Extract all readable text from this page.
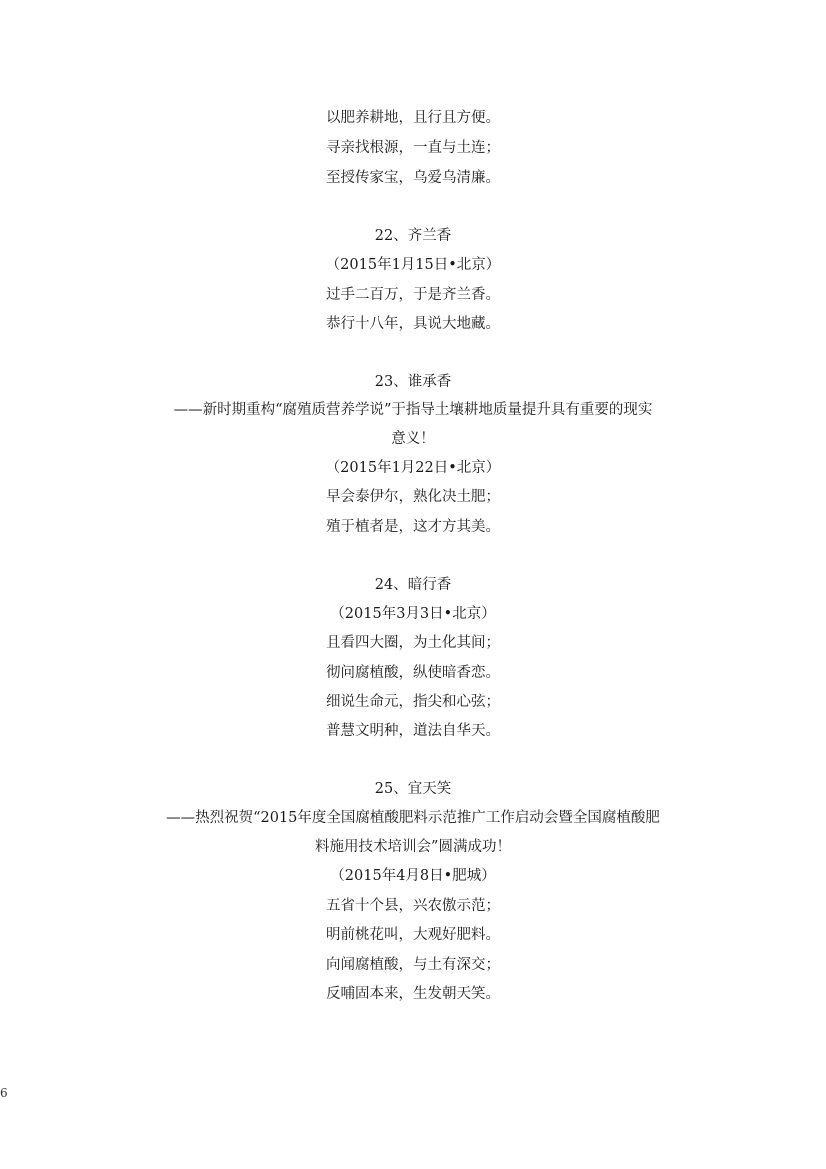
以肥养耕地，且行且方便。
寻亲找根源，一直与土连；
至授传家宝，乌爱乌清廉。
22、齐兰香
（2015年1月15日•北京）
过手二百万，于是齐兰香。
恭行十八年，具说大地藏。
23、谁承香
——新时期重构“腐殖质营养学说”于指导土壤耕地质量提升具有重要的现实
意义！
（2015年1月22日•北京）
早会泰伊尔，熟化决土肥；
殖于植者是，这才方其美。
24、暗行香
（2015年3月3日•北京）
且看四大圈，为土化其间；
彻问腐植酸，纵使暗香恋。
细说生命元，指尖和心弦；
普慧文明种，道法自华天。
25、宜天笑
——热烈祝贺“2015年度全国腐植酸肥料示范推广工作启动会暨全国腐植酸肥
料施用技术培训会”圆满成功！
（2015年4月8日•肥城）
五省十个县，兴农傲示范；
明前桃花叫，大观好肥料。
向闻腐植酸，与土有深交；
反哺固本来，生发朝天笑。
6
